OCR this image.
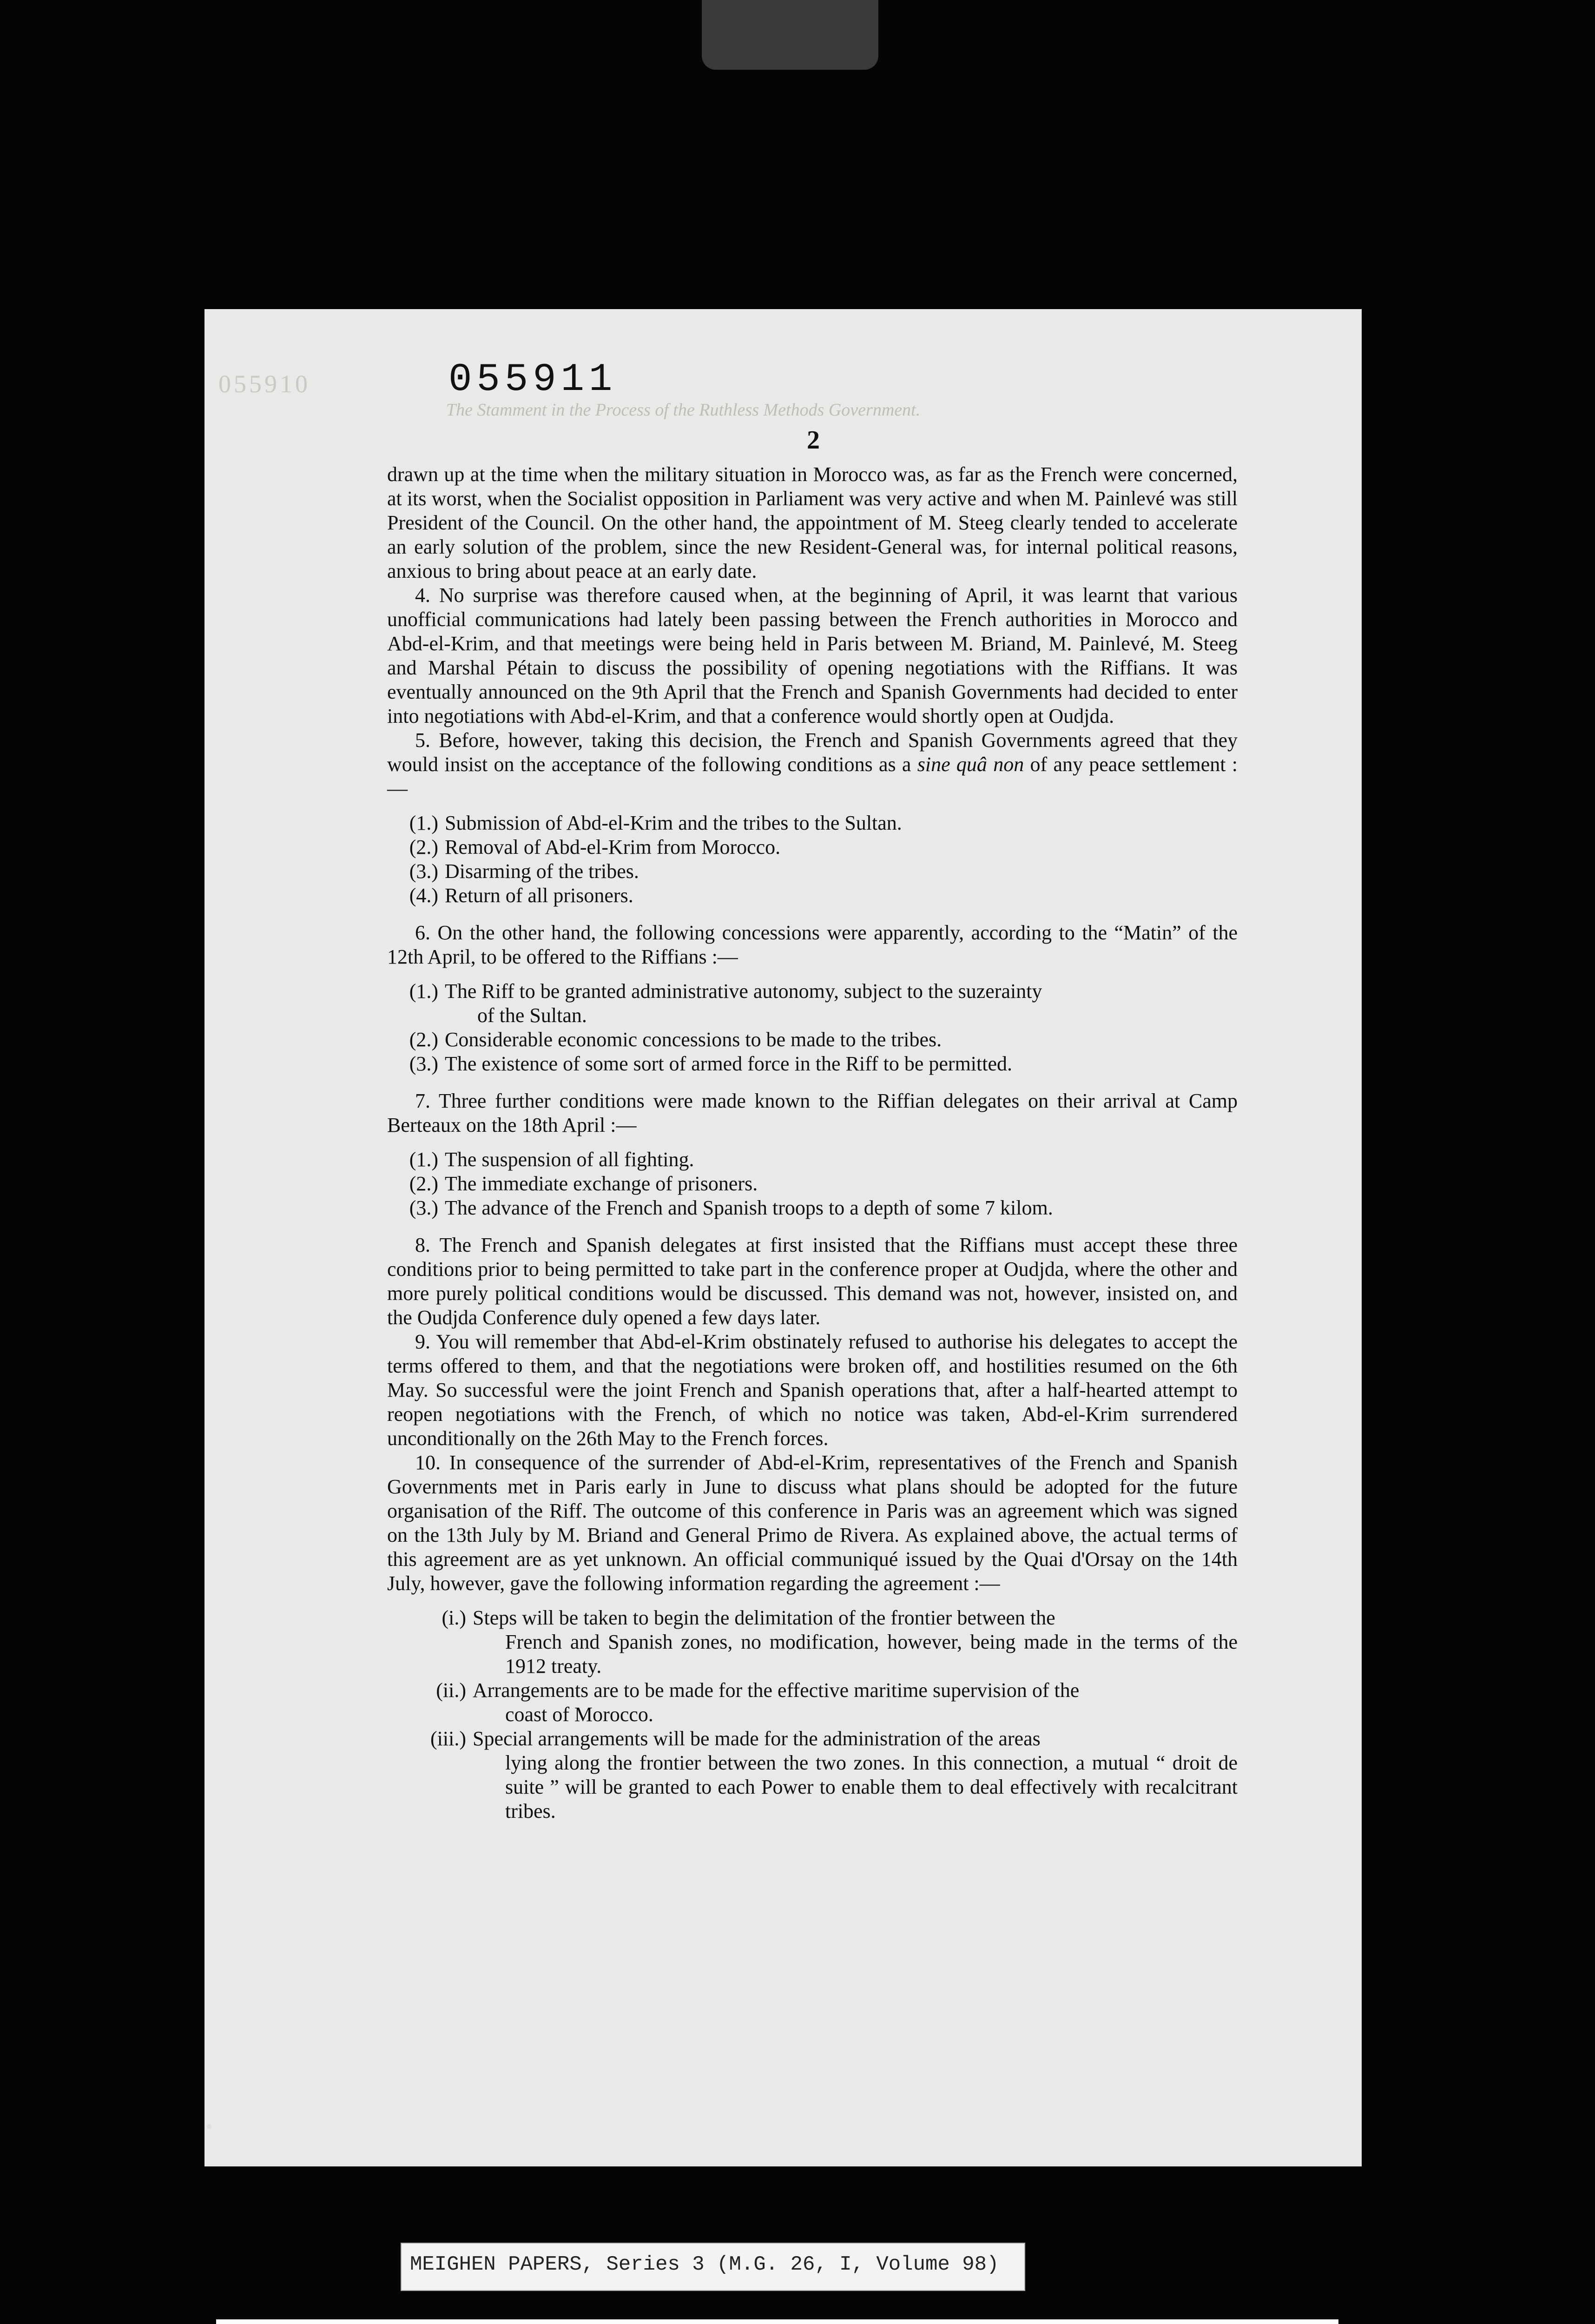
055910
The Stamment in the Process of the Ruthless Methods Government.
055911
2

drawn up at the time when the military situation in Morocco was, as far as the French were concerned, at its worst, when the Socialist opposition in Parliament was very active and when M. Painlevé was still President of the Council. On the other hand, the appointment of M. Steeg clearly tended to accelerate an early solution of the problem, since the new Resident-General was, for internal political reasons, anxious to bring about peace at an early date.

4. No surprise was therefore caused when, at the beginning of April, it was learnt that various unofficial communications had lately been passing between the French authorities in Morocco and Abd-el-Krim, and that meetings were being held in Paris between M. Briand, M. Painlevé, M. Steeg and Marshal Pétain to discuss the possibility of opening negotiations with the Riffians. It was eventually announced on the 9th April that the French and Spanish Governments had decided to enter into negotiations with Abd-el-Krim, and that a conference would shortly open at Oudjda.

5. Before, however, taking this decision, the French and Spanish Governments agreed that they would insist on the acceptance of the following conditions as a sine quâ non of any peace settlement :—

(1.) Submission of Abd-el-Krim and the tribes to the Sultan.
(2.) Removal of Abd-el-Krim from Morocco.
(3.) Disarming of the tribes.
(4.) Return of all prisoners.

6. On the other hand, the following concessions were apparently, according to the “Matin” of the 12th April, to be offered to the Riffians :—

(1.) The Riff to be granted administrative autonomy, subject to the suzerainty
of the Sultan.
(2.) Considerable economic concessions to be made to the tribes.
(3.) The existence of some sort of armed force in the Riff to be permitted.

7. Three further conditions were made known to the Riffian delegates on their arrival at Camp Berteaux on the 18th April :—

(1.) The suspension of all fighting.
(2.) The immediate exchange of prisoners.
(3.) The advance of the French and Spanish troops to a depth of some 7 kilom.

8. The French and Spanish delegates at first insisted that the Riffians must accept these three conditions prior to being permitted to take part in the conference proper at Oudjda, where the other and more purely political conditions would be discussed. This demand was not, however, insisted on, and the Oudjda Conference duly opened a few days later.

9. You will remember that Abd-el-Krim obstinately refused to authorise his delegates to accept the terms offered to them, and that the negotiations were broken off, and hostilities resumed on the 6th May. So successful were the joint French and Spanish operations that, after a half-hearted attempt to reopen negotiations with the French, of which no notice was taken, Abd-el-Krim surrendered unconditionally on the 26th May to the French forces.

10. In consequence of the surrender of Abd-el-Krim, representatives of the French and Spanish Governments met in Paris early in June to discuss what plans should be adopted for the future organisation of the Riff. The outcome of this conference in Paris was an agreement which was signed on the 13th July by M. Briand and General Primo de Rivera. As explained above, the actual terms of this agreement are as yet unknown. An official communiqué issued by the Quai d'Orsay on the 14th July, however, gave the following information regarding the agreement :—

(i.) Steps will be taken to begin the delimitation of the frontier between the
French and Spanish zones, no modification, however, being made in the terms of the 1912 treaty.
(ii.) Arrangements are to be made for the effective maritime supervision of the
coast of Morocco.
(iii.) Special arrangements will be made for the administration of the areas
lying along the frontier between the two zones. In this connection, a mutual “ droit de suite ” will be granted to each Power to enable them to deal effectively with recalcitrant tribes.
MEIGHEN PAPERS, Series 3 (M.G. 26, I, Volume 98)
